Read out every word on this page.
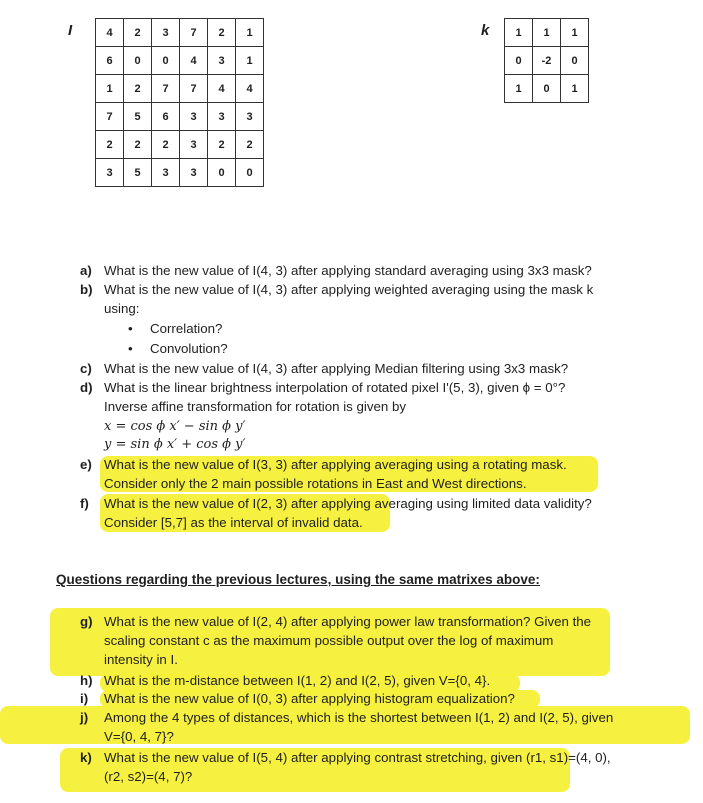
I	4	2	3	7	2	1
6	0	0	4	3	1
1	2	7	7	4	4
7	5	6	3	3	3
2	2	2	3	2	2
3	5	3	3	0	0
k 1	1	1
0	-2	0
1	0	1
a) What is the new value of I(4, 3) after applying standard averaging using 3x3 mask?
b) What is the new value of I(4, 3) after applying weighted averaging using the mask k
using:
• Correlation?
• Convolution?
c) What is the new value of I(4, 3) after applying Median filtering using 3x3 mask?
d) What is the linear brightness interpolation of rotated pixel I'(5, 3), given ϕ = 0°?
Inverse affine transformation for rotation is given by
x = cos ϕ x′ − sin ϕ y′
y = sin ϕ x′ + cos ϕ y′
e) What is the new value of I(3, 3) after applying averaging using a rotating mask.
Consider only the 2 main possible rotations in East and West directions.
f) What is the new value of I(2, 3) after applying averaging using limited data validity?
Consider [5,7] as the interval of invalid data.
Questions regarding the previous lectures, using the same matrixes above:
g) What is the new value of I(2, 4) after applying power law transformation? Given the
scaling constant c as the maximum possible output over the log of maximum
intensity in I.
h) What is the m-distance between I(1, 2) and I(2, 5), given V={0, 4}.
i) What is the new value of I(0, 3) after applying histogram equalization?
j) Among the 4 types of distances, which is the shortest between I(1, 2) and I(2, 5), given
V={0, 4, 7}?
k) What is the new value of I(5, 4) after applying contrast stretching, given (r1, s1)=(4, 0),
(r2, s2)=(4, 7)?
